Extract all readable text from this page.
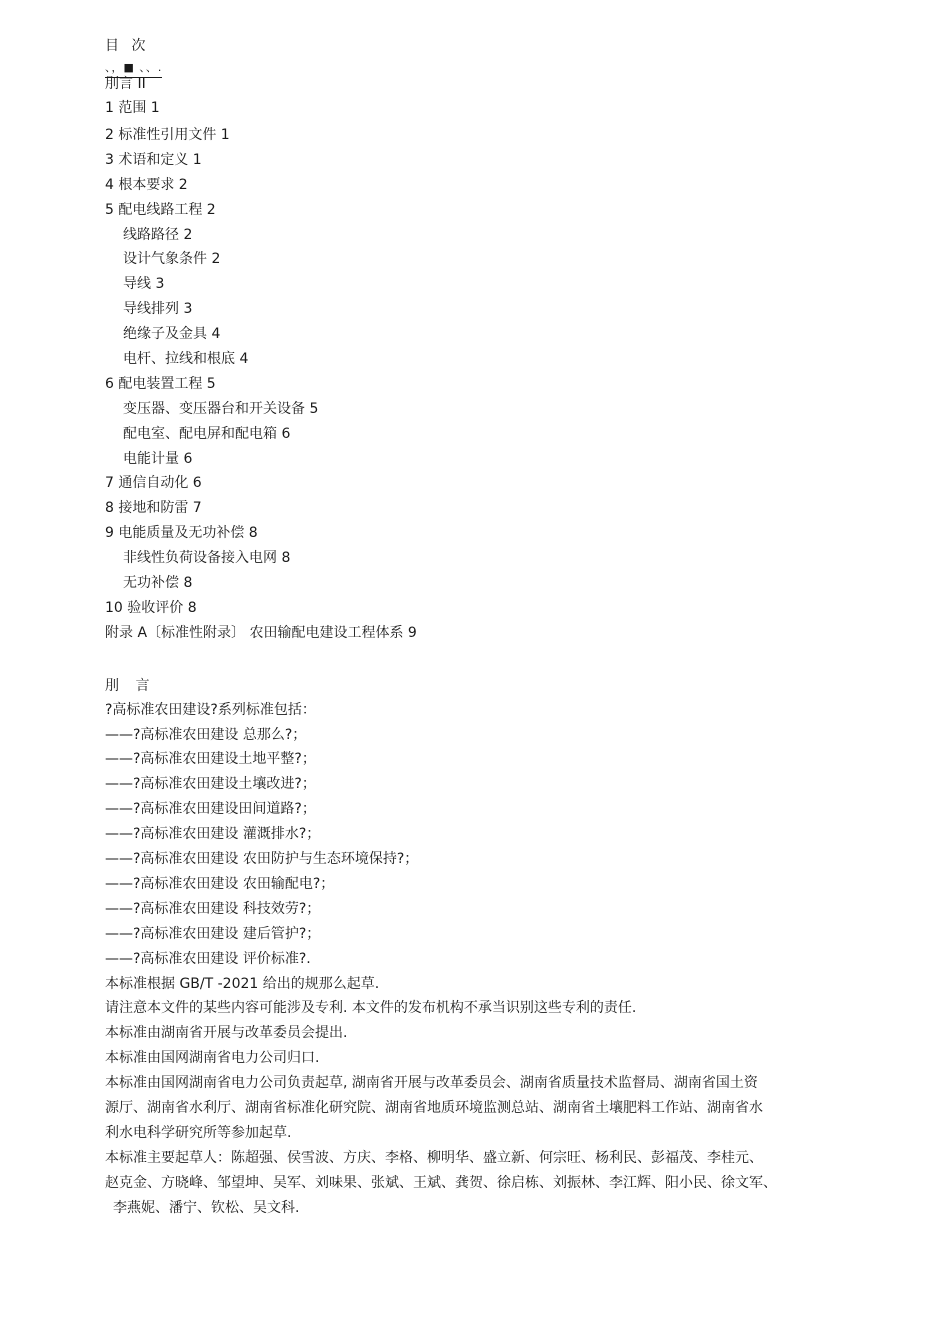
目 次
、，■ 、、.
刖言 II
1 范围 1
2 标准性引用文件 1
3 术语和定义 1
4 根本要求 2
5 配电线路工程 2
线路路径 2
设计气象条件 2
导线 3
导线排列 3
绝缘子及金具 4
电杆、拉线和根底 4
6 配电装置工程 5
变压器、变压器台和开关设备 5
配电室、配电屏和配电箱 6
电能计量 6
7 通信自动化 6
8 接地和防雷 7
9 电能质量及无功补偿 8
非线性负荷设备接入电网 8
无功补偿 8
10 验收评价 8
附录 A〔标准性附录〕 农田输配电建设工程体系 9
刖 言
?高标准农田建设?系列标准包括：
——?高标准农田建设 总那么?；
——?高标准农田建设土地平整?；
——?高标准农田建设土壤改进?；
——?高标准农田建设田间道路?；
——?高标准农田建设 灌溉排水?；
——?高标准农田建设 农田防护与生态环境保持?；
——?高标准农田建设 农田输配电?；
——?高标准农田建设 科技效劳?；
——?高标准农田建设 建后管护?；
——?高标准农田建设 评价标准?.
本标准根据 GB/T -2021 给出的规那么起草.
请注意本文件的某些内容可能涉及专利. 本文件的发布机构不承当识别这些专利的责任.
本标准由湖南省开展与改革委员会提出.
本标准由国网湖南省电力公司归口.
本标准由国网湖南省电力公司负责起草, 湖南省开展与改革委员会、湖南省质量技术监督局、湖南省国土资
源厅、湖南省水利厅、湖南省标准化研究院、湖南省地质环境监测总站、湖南省土壤肥料工作站、湖南省水
利水电科学研究所等参加起草.
本标准主要起草人：陈超强、侯雪波、方庆、李格、柳明华、盛立新、何宗旺、杨利民、彭福茂、李桂元、
赵克金、方晓峰、邹望坤、吴军、刘味果、张斌、王斌、龚贺、徐启栋、刘振林、李江辉、阳小民、徐文军、
李燕妮、潘宁、钦松、吴文科.
